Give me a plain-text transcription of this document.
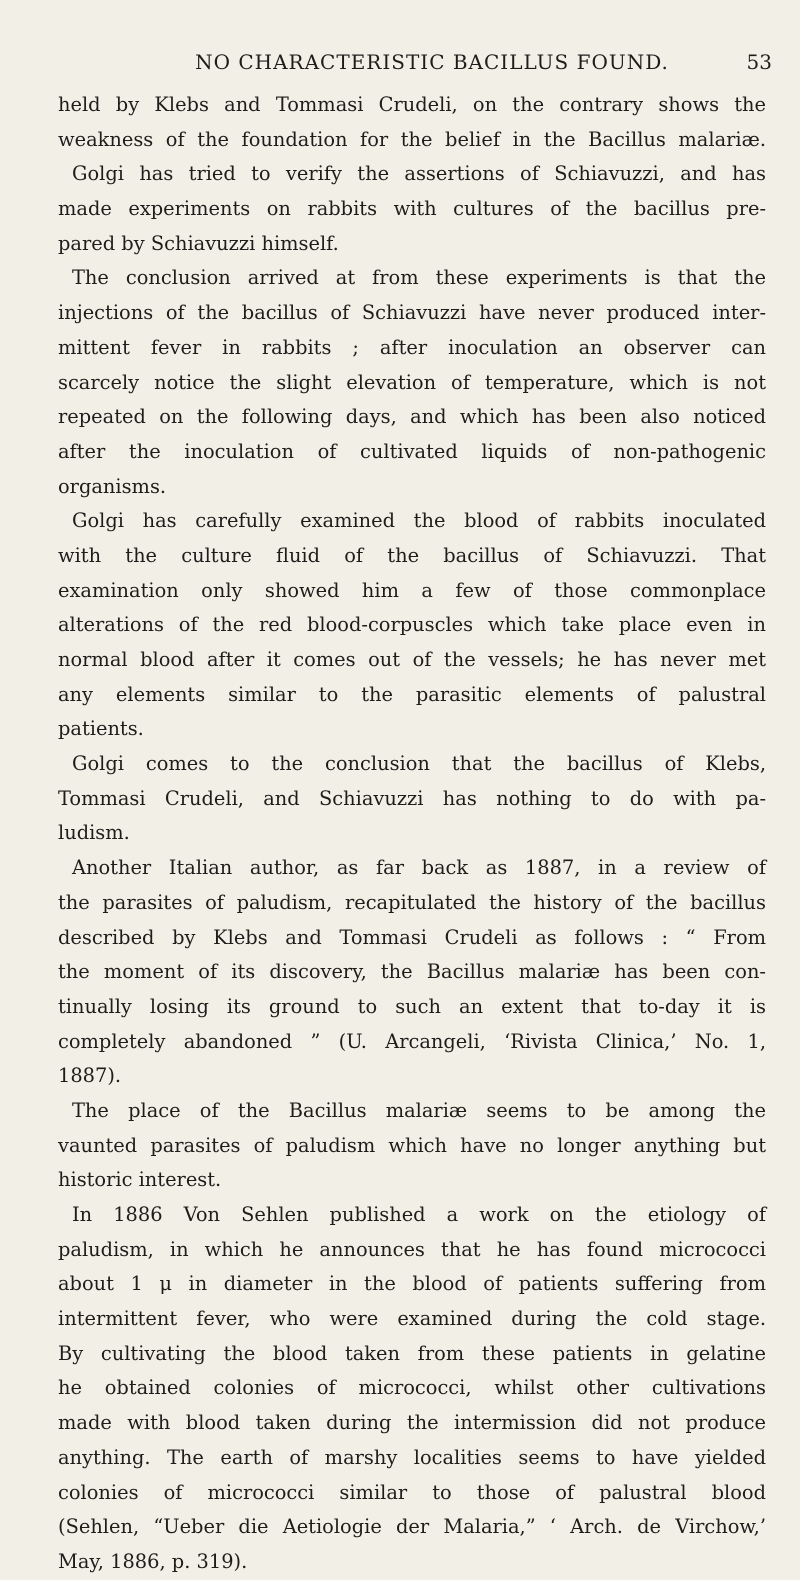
NO CHARACTERISTIC BACILLUS FOUND.	53
held by Klebs and Tommasi Crudeli, on the contrary shows the
weakness of the foundation for the belief in the Bacillus malariæ.
Golgi has tried to verify the assertions of Schiavuzzi, and has
made experiments on rabbits with cultures of the bacillus pre-
pared by Schiavuzzi himself.
The conclusion arrived at from these experiments is that the
injections of the bacillus of Schiavuzzi have never produced inter-
mittent fever in rabbits ; after inoculation an observer can
scarcely notice the slight elevation of temperature, which is not
repeated on the following days, and which has been also noticed
after the inoculation of cultivated liquids of non-pathogenic
organisms.
Golgi has carefully examined the blood of rabbits inoculated
with the culture fluid of the bacillus of Schiavuzzi. That
examination only showed him a few of those commonplace
alterations of the red blood-corpuscles which take place even in
normal blood after it comes out of the vessels; he has never met
any elements similar to the parasitic elements of palustral
patients.
Golgi comes to the conclusion that the bacillus of Klebs,
Tommasi Crudeli, and Schiavuzzi has nothing to do with pa-
ludism.
Another Italian author, as far back as 1887, in a review of
the parasites of paludism, recapitulated the history of the bacillus
described by Klebs and Tommasi Crudeli as follows : “ From
the moment of its discovery, the Bacillus malariæ has been con-
tinually losing its ground to such an extent that to-day it is
completely abandoned ” (U. Arcangeli, ‘Rivista Clinica,’ No. 1,
1887).
The place of the Bacillus malariæ seems to be among the
vaunted parasites of paludism which have no longer anything but
historic interest.
In 1886 Von Sehlen published a work on the etiology of
paludism, in which he announces that he has found micrococci
about 1 μ in diameter in the blood of patients suffering from
intermittent fever, who were examined during the cold stage.
By cultivating the blood taken from these patients in gelatine
he obtained colonies of micrococci, whilst other cultivations
made with blood taken during the intermission did not produce
anything. The earth of marshy localities seems to have yielded
colonies of micrococci similar to those of palustral blood
(Sehlen, “Ueber die Aetiologie der Malaria,” ‘ Arch. de Virchow,’
May, 1886, p. 319).
